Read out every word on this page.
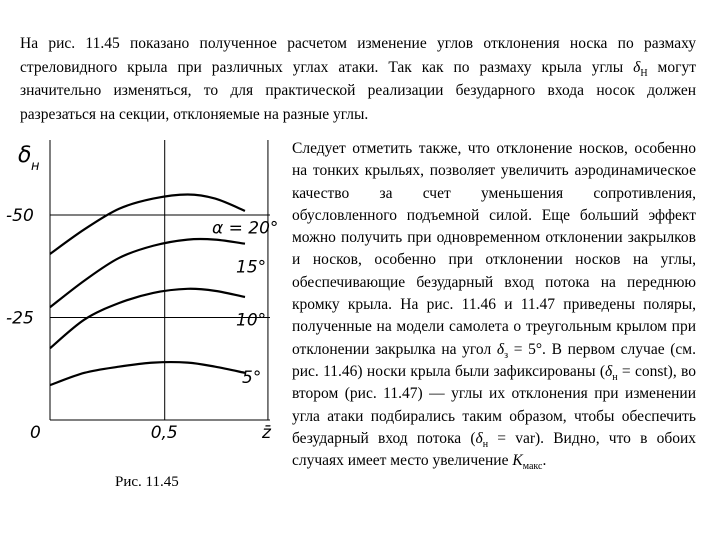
На рис. 11.45 показано полученное расчетом изменение углов отклонения носка по размаху стреловидного крыла при различных углах атаки. Так как по размаху крыла углы $\delta_Н$ могут значительно изменяться, то для практической реализации безударного входа носок должен разрезаться на секции, отклоняемые на разные углы.

-50
-25
0	0,5	z̄
δ н
α = 20°
15°
10°
5°
Рис. 11.45

Следует отметить также, что отклонение носков, особенно на тонких крыльях, позволяет увеличить аэродинамическое качество за счет уменьшения сопротивления, обусловленного подъемной силой. Еще больший эффект можно получить при одновременном отклонении закрылков и носков, особенно при отклонении носков на углы, обеспечивающие безударный вход потока на переднюю кромку крыла. На рис. 11.46 и 11.47 приведены поляры, полученные на модели самолета о треугольным крылом при отклонении закрылка на угол $\delta_з = 5^\circ$. В первом случае (см. рис. 11.46) носки крыла были зафиксированы ($\delta_н$ = const), во втором (рис. 11.47) — углы их отклонения при изменении угла атаки подбирались таким образом, чтобы обеспечить безударный вход потока $(\delta_н = var)$. Видно, что в обоих случаях имеет место увеличение $K_{макс}$.
